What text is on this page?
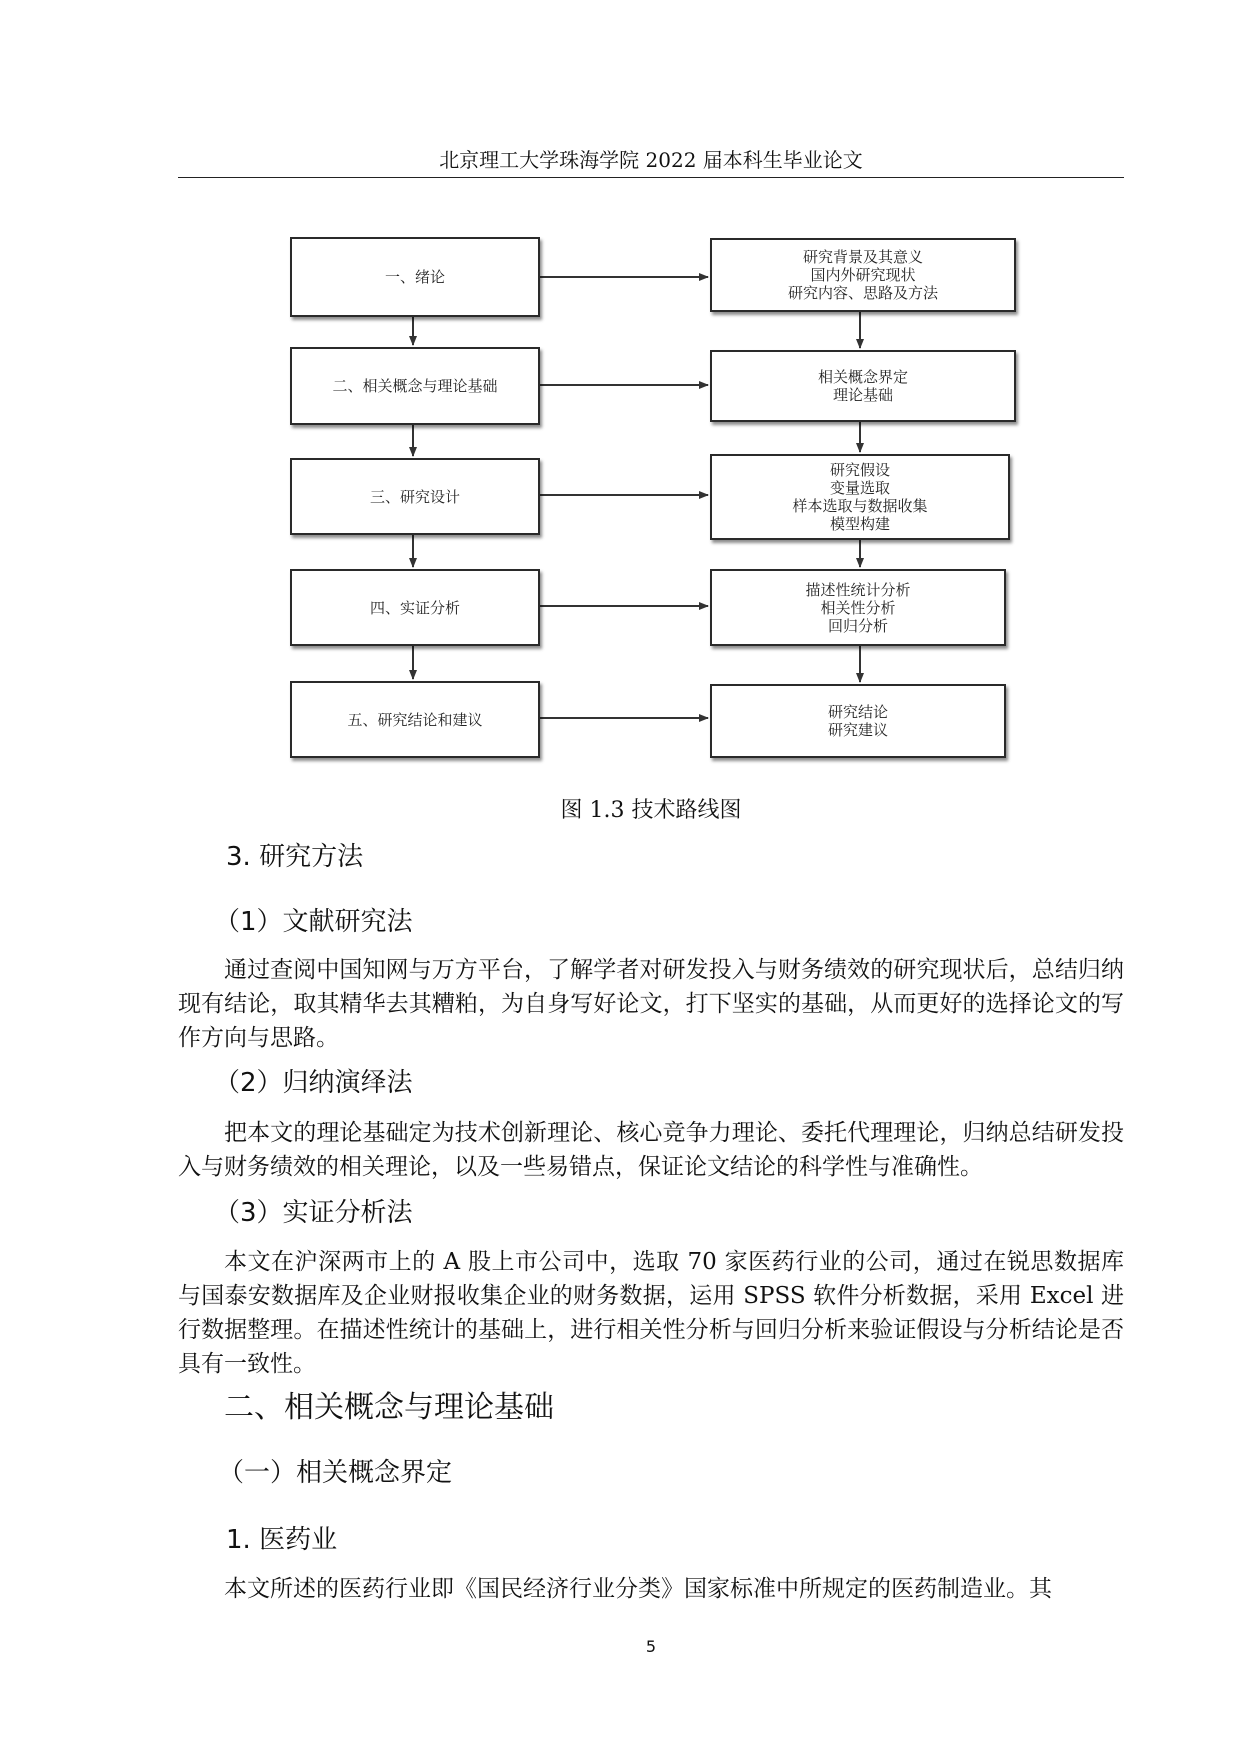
北京理工大学珠海学院 2022 届本科生毕业论文
一、绪论
二、相关概念与理论基础
三、研究设计
四、实证分析
五、研究结论和建议
研究背景及其意义
国内外研究现状
研究内容、思路及方法
相关概念界定
理论基础
研究假设
变量选取
样本选取与数据收集
模型构建
描述性统计分析
相关性分析
回归分析
研究结论
研究建议
图 1.3 技术路线图
3. 研究方法
（1）文献研究法

通过查阅中国知网与万方平台，了解学者对研发投入与财务绩效的研究现状后，总结归纳现有结论，取其精华去其糟粕，为自身写好论文，打下坚实的基础，从而更好的选择论文的写作方向与思路。

（2）归纳演绎法

把本文的理论基础定为技术创新理论、核心竞争力理论、委托代理理论，归纳总结研发投入与财务绩效的相关理论，以及一些易错点，保证论文结论的科学性与准确性。

（3）实证分析法

本文在沪深两市上的 A 股上市公司中，选取 70 家医药行业的公司，通过在锐思数据库与国泰安数据库及企业财报收集企业的财务数据，运用 SPSS 软件分析数据，采用 Excel 进行数据整理。在描述性统计的基础上，进行相关性分析与回归分析来验证假设与分析结论是否具有一致性。

二、相关概念与理论基础
（一）相关概念界定
1. 医药业

本文所述的医药行业即《国民经济行业分类》国家标准中所规定的医药制造业。其

5
